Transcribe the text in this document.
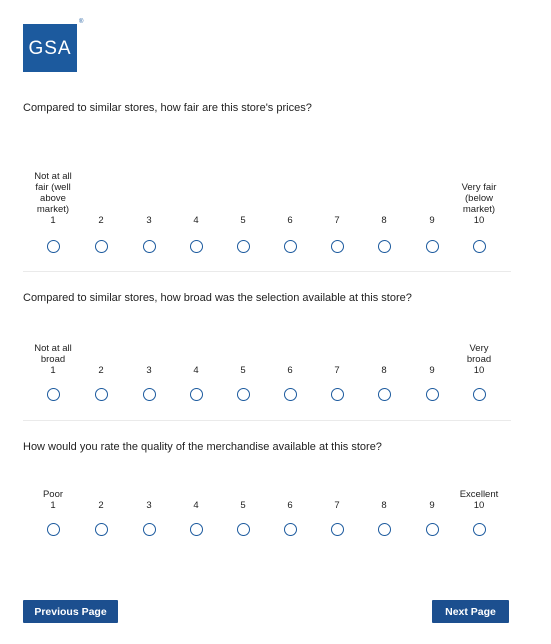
GSA
®
Compared to similar stores, how fair are this store's prices?
Not at all fair (well above market)
1	2	3	4	5	6	7	8	9
Very fair (below market)
10
Compared to similar stores, how broad was the selection available at this store?
Not at all broad
1	2	3	4	5	6	7	8	9
Very broad
10
How would you rate the quality of the merchandise available at this store?
Poor
1	2	3	4	5	6	7	8	9
Excellent
10
Previous Page	Next Page
